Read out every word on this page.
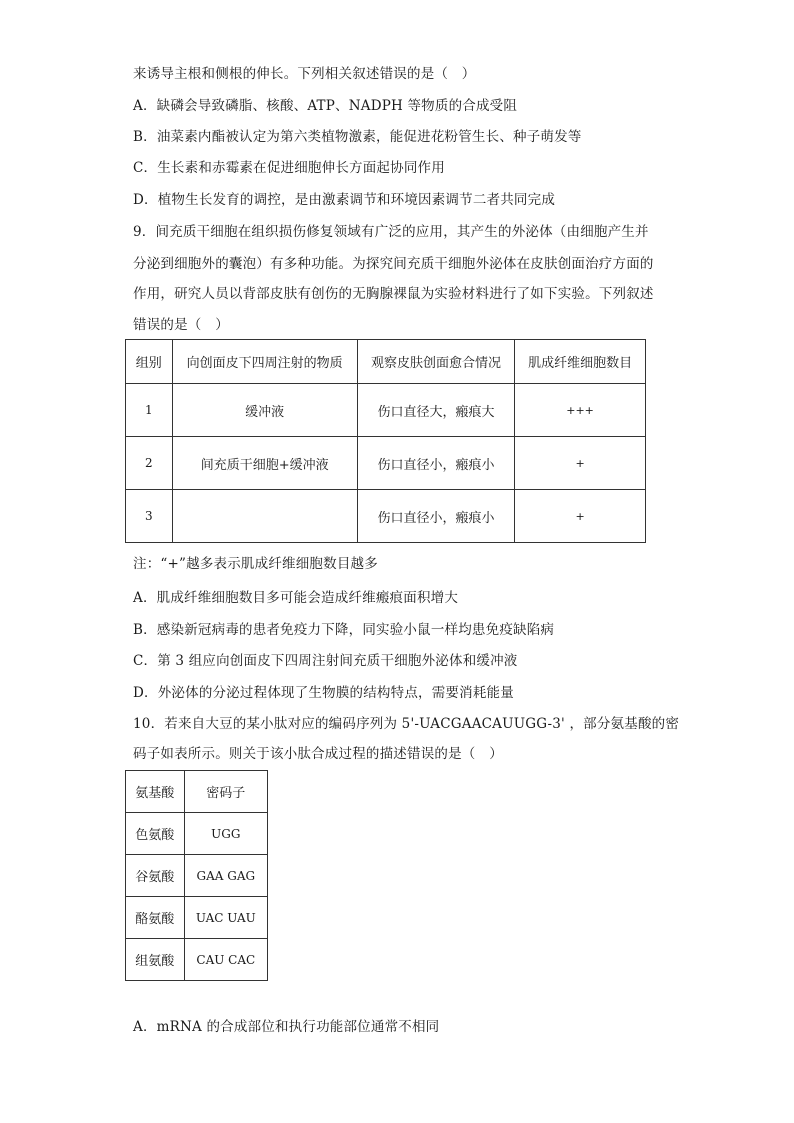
来诱导主根和侧根的伸长。下列相关叙述错误的是（　）
A．缺磷会导致磷脂、核酸、ATP、NADPH 等物质的合成受阻
B．油菜素内酯被认定为第六类植物激素，能促进花粉管生长、种子萌发等
C．生长素和赤霉素在促进细胞伸长方面起协同作用
D．植物生长发育的调控，是由激素调节和环境因素调节二者共同完成
9．间充质干细胞在组织损伤修复领域有广泛的应用，其产生的外泌体（由细胞产生并
分泌到细胞外的囊泡）有多种功能。为探究间充质干细胞外泌体在皮肤创面治疗方面的
作用，研究人员以背部皮肤有创伤的无胸腺裸鼠为实验材料进行了如下实验。下列叙述
错误的是（　）
组别	向创面皮下四周注射的物质	观察皮肤创面愈合情况	肌成纤维细胞数目
1	缓冲液	伤口直径大，瘢痕大	+++
2	间充质干细胞+缓冲液	伤口直径小，瘢痕小	+
3		伤口直径小，瘢痕小	+
注：“+”越多表示肌成纤维细胞数目越多
A．肌成纤维细胞数目多可能会造成纤维瘢痕面积增大
B．感染新冠病毒的患者免疫力下降，同实验小鼠一样均患免疫缺陷病
C．第 3 组应向创面皮下四周注射间充质干细胞外泌体和缓冲液
D．外泌体的分泌过程体现了生物膜的结构特点，需要消耗能量
10．若来自大豆的某小肽对应的编码序列为 5'-UACGAACAUUGG-3' ，部分氨基酸的密
码子如表所示。则关于该小肽合成过程的描述错误的是（　）
氨基酸	密码子
色氨酸	UGG
谷氨酸	GAA GAG
酪氨酸	UAC UAU
组氨酸	CAU CAC
A．mRNA 的合成部位和执行功能部位通常不相同
